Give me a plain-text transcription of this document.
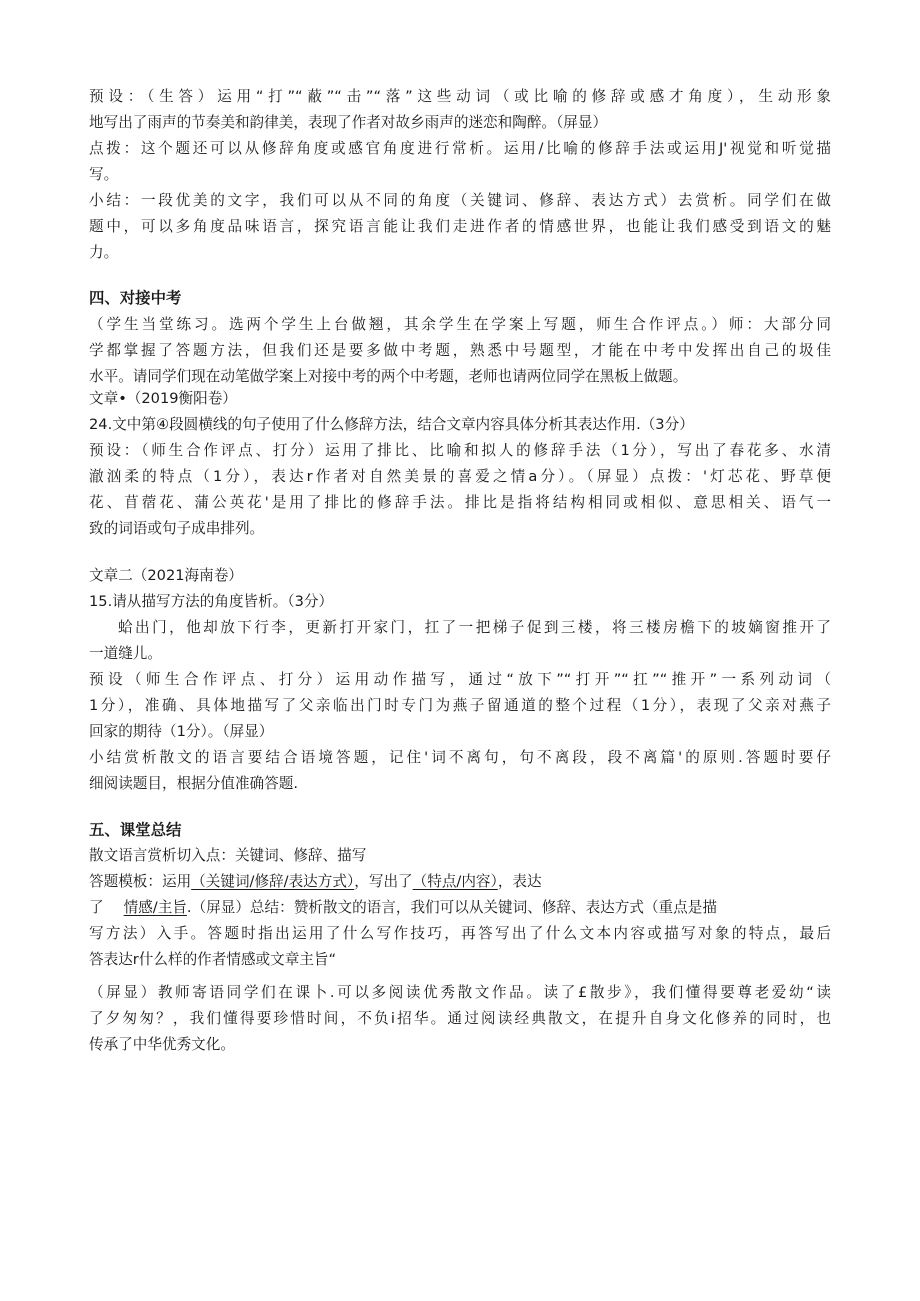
预设：（生答）运用“打”“蔽”“击”“落”这些动词（或比喻的修辞或感才角度），生动形象
地写出了雨声的节奏美和韵律美，表现了作者对故乡雨声的迷恋和陶醉。（屏显）
点拨：这个题还可以从修辞角度或感官角度进行常析。运用/比喻的修辞手法或运用J'视觉和听觉描
写。
小结：一段优美的文字，我们可以从不同的角度（关键词、修辞、表达方式）去赏析。同学们在做
题中，可以多角度品味语言，探究语言能让我们走进作者的情感世界，也能让我们感受到语文的魅
力。
四、对接中考
（学生当堂练习。选两个学生上台做翘，其余学生在学案上写题，师生合作评点。）师：大部分同
学都掌握了答题方法，但我们还是要多做中考题，熟悉中号题型，才能在中考中发挥出自己的圾佳
水平。请同学们现在动笔做学案上对接中考的两个中考题，老师也请两位同学在黑板上做题。
文章•（2019衡阳卷）
24.文中第④段圆横线的句子使用了什么修辞方法，结合文章内容具体分析其表达作用.（3分）
预设：（师生合作评点、打分）运用了排比、比喻和拟人的修辞手法（1分），写出了春花多、水清
澈汹柔的特点（1分），表达r作者对自然美景的喜爱之情a分）。（屏显）点拨：'灯芯花、野草便
花、苜蓿花、蒲公英花'是用了排比的修辞手法。排比是指将结构相同或相似、意思相关、语气一
致的词语或句子成串排列。
文章二（2021海南卷）
15.请从描写方法的角度皆析。（3分）
蛤出门，他却放下行李，更新打开家门，扛了一把梯子促到三楼，将三楼房檐下的坡嫡窗推开了
一道缝儿。
预设（师生合作评点、打分）运用动作描写，通过“放下”“打开”“扛”“推开”一系列动词（
1分），准确、具体地描写了父亲临出门时专门为燕子留通道的整个过程（1分），表现了父亲对燕子
回家的期待（1分）。（屏显）
小结赏析散文的语言要结合语境答题，记住'词不离句，句不离段，段不离篇'的原则.答题时要仔
细阅读题目，根据分值准确答题.
五、课堂总结
散文语言赏析切入点：关键词、修辞、描写
答题模板：运用（关键词/修辞/表达方式），写出了（特点/内容），表达
了 情感/主旨.（屏显）总结：赞析散文的语言，我们可以从关键词、修辞、表达方式（重点是描
写方法）入手。答题时指出运用了什么写作技巧，再答写出了什么文本内容或描写对象的特点，最后
答表达r什么样的作者情感或文章主旨“
（屏显）教师寄语同学们在课卜.可以多阅读优秀散文作品。读了£散步》，我们懂得要尊老爱幼“读
了夕匆匆？，我们懂得要珍惜时间，不负i招华。通过阅读经典散文，在提升自身文化修养的同时，也
传承了中华优秀文化。
